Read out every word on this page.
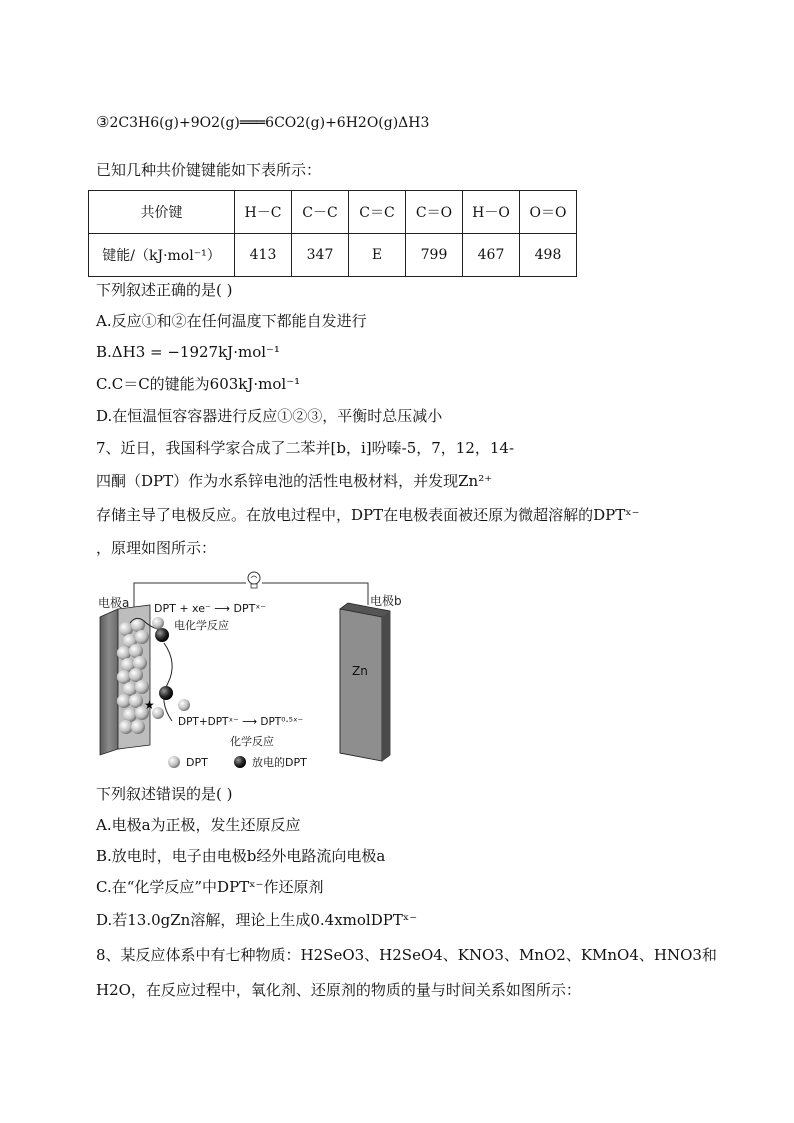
③2C3H6(g)+9O2(g)═══6CO2(g)+6H2O(g)ΔH3
已知几种共价键键能如下表所示：
共价键	H－C	C－C	C＝C	C＝O	H－O	O＝O
键能/（kJ·mol⁻¹）	413	347	E	799	467	498
下列叙述正确的是( )
A.反应①和②在任何温度下都能自发进行
B.ΔH3 = −1927kJ·mol⁻¹
C.C＝C的键能为603kJ·mol⁻¹
D.在恒温恒容容器进行反应①②③，平衡时总压减小
7、近日，我国科学家合成了二苯并[b，i]吩嗪-5，7，12，14-
四酮（DPT）作为水系锌电池的活性电极材料，并发现Zn²⁺
存储主导了电极反应。在放电过程中，DPT在电极表面被还原为微超溶解的DPTˣ⁻
，原理如图所示：
★
电极a	电极b
DPT + xe⁻ ⟶ DPTˣ⁻
电化学反应
DPT+DPTˣ⁻ ⟶ DPT⁰·⁵ˣ⁻
化学反应
Zn
DPT	放电的DPT
下列叙述错误的是( )
A.电极a为正极，发生还原反应
B.放电时，电子由电极b经外电路流向电极a
C.在“化学反应”中DPTˣ⁻作还原剂
D.若13.0gZn溶解，理论上生成0.4xmolDPTˣ⁻
8、某反应体系中有七种物质：H2SeO3、H2SeO4、KNO3、MnO2、KMnO4、HNO3和
H2O，在反应过程中，氧化剂、还原剂的物质的量与时间关系如图所示：
